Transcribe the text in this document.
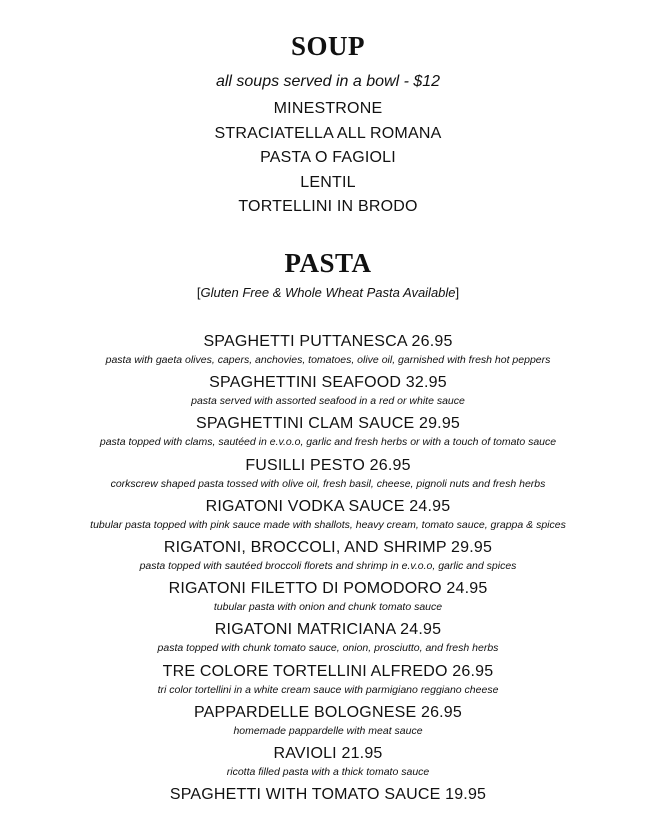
SOUP
all soups served in a bowl - $12
MINESTRONE
STRACIATELLA ALL ROMANA
PASTA O FAGIOLI
LENTIL
TORTELLINI IN BRODO
PASTA
[Gluten Free & Whole Wheat Pasta Available]
SPAGHETTI PUTTANESCA 26.95
pasta with gaeta olives, capers, anchovies, tomatoes, olive oil, garnished with fresh hot peppers
SPAGHETTINI SEAFOOD 32.95
pasta served with assorted seafood in a red or white sauce
SPAGHETTINI CLAM SAUCE 29.95
pasta topped with clams, sautéed in e.v.o.o, garlic and fresh herbs or with a touch of tomato sauce
FUSILLI PESTO 26.95
corkscrew shaped pasta tossed with olive oil, fresh basil, cheese, pignoli nuts and fresh herbs
RIGATONI VODKA SAUCE 24.95
tubular pasta topped with pink sauce made with shallots, heavy cream, tomato sauce, grappa & spices
RIGATONI, BROCCOLI, AND SHRIMP 29.95
pasta topped with sautéed broccoli florets and shrimp in e.v.o.o, garlic and spices
RIGATONI FILETTO DI POMODORO 24.95
tubular pasta with onion and chunk tomato sauce
RIGATONI MATRICIANA 24.95
pasta topped with chunk tomato sauce, onion, prosciutto, and fresh herbs
TRE COLORE TORTELLINI ALFREDO 26.95
tri color tortellini in a white cream sauce with parmigiano reggiano cheese
PAPPARDELLE BOLOGNESE 26.95
homemade pappardelle with meat sauce
RAVIOLI 21.95
ricotta filled pasta with a thick tomato sauce
SPAGHETTI WITH TOMATO SAUCE 19.95
